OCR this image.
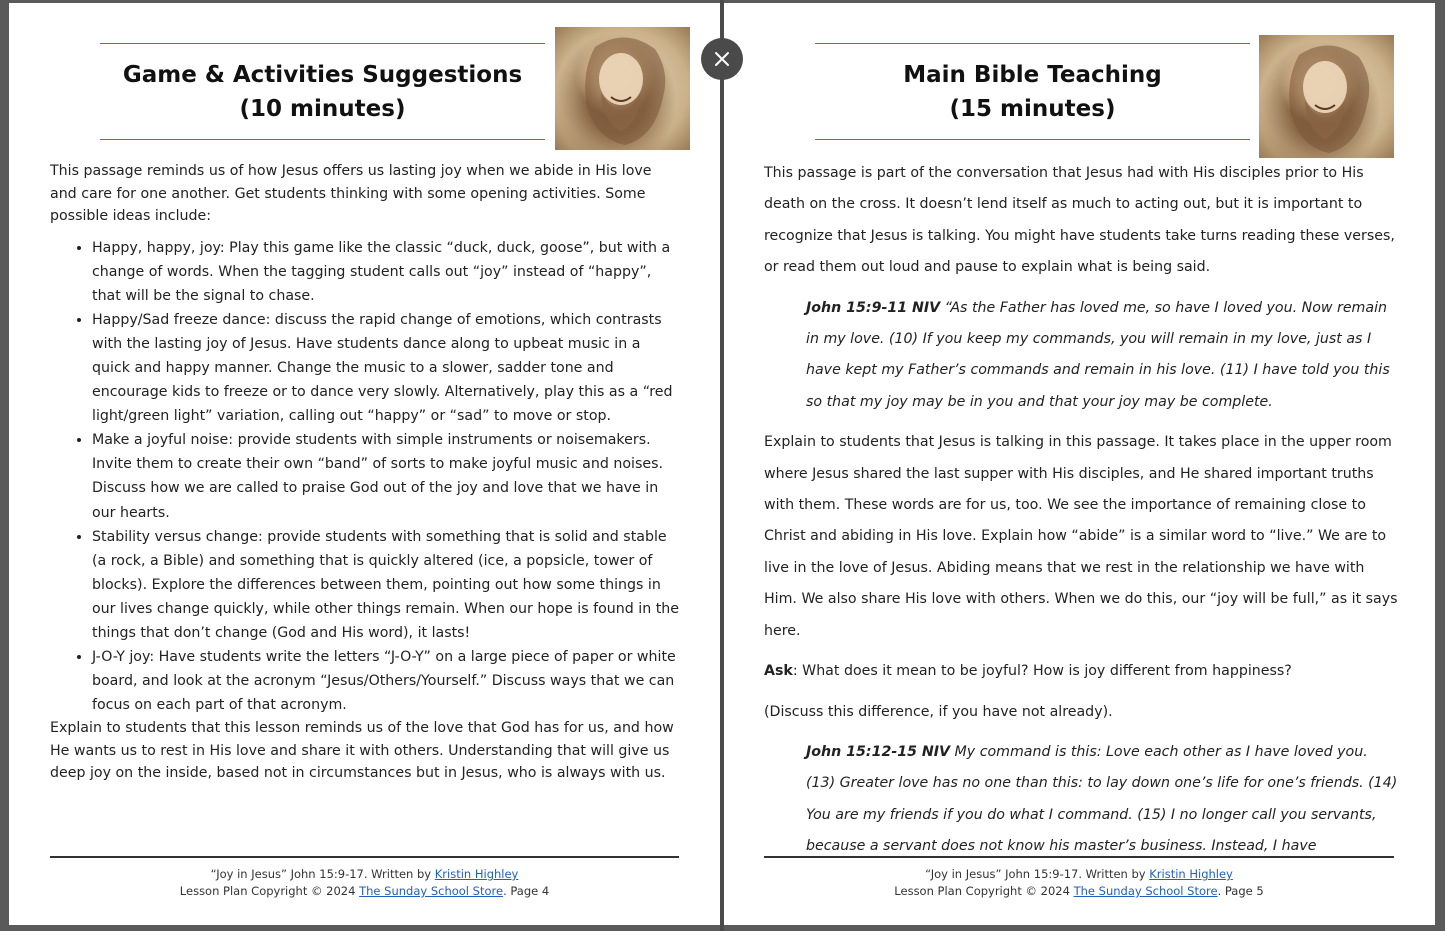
Game & Activities Suggestions
(10 minutes)

This passage reminds us of how Jesus offers us lasting joy when we abide in His love and care for one another. Get students thinking with some opening activities. Some possible ideas include:

• Happy, happy, joy: Play this game like the classic “duck, duck, goose”, but with a change of words. When the tagging student calls out “joy” instead of “happy”, that will be the signal to chase.
• Happy/Sad freeze dance: discuss the rapid change of emotions, which contrasts with the lasting joy of Jesus. Have students dance along to upbeat music in a quick and happy manner. Change the music to a slower, sadder tone and encourage kids to freeze or to dance very slowly. Alternatively, play this as a “red light/green light” variation, calling out “happy” or “sad” to move or stop.
• Make a joyful noise: provide students with simple instruments or noisemakers. Invite them to create their own “band” of sorts to make joyful music and noises. Discuss how we are called to praise God out of the joy and love that we have in our hearts.
• Stability versus change: provide students with something that is solid and stable (a rock, a Bible) and something that is quickly altered (ice, a popsicle, tower of blocks). Explore the differences between them, pointing out how some things in our lives change quickly, while other things remain. When our hope is found in the things that don’t change (God and His word), it lasts!
• J-O-Y joy: Have students write the letters “J-O-Y” on a large piece of paper or white board, and look at the acronym “Jesus/Others/Yourself.” Discuss ways that we can focus on each part of that acronym.

Explain to students that this lesson reminds us of the love that God has for us, and how He wants us to rest in His love and share it with others. Understanding that will give us deep joy on the inside, based not in circumstances but in Jesus, who is always with us.

“Joy in Jesus” John 15:9-17. Written by Kristin Highley
Lesson Plan Copyright © 2024 The Sunday School Store. Page 4
Main Bible Teaching
(15 minutes)

This passage is part of the conversation that Jesus had with His disciples prior to His death on the cross. It doesn’t lend itself as much to acting out, but it is important to recognize that Jesus is talking. You might have students take turns reading these verses, or read them out loud and pause to explain what is being said.

John 15:9-11 NIV “As the Father has loved me, so have I loved you. Now remain in my love. (10) If you keep my commands, you will remain in my love, just as I have kept my Father’s commands and remain in his love. (11) I have told you this so that my joy may be in you and that your joy may be complete.

Explain to students that Jesus is talking in this passage. It takes place in the upper room where Jesus shared the last supper with His disciples, and He shared important truths with them. These words are for us, too. We see the importance of remaining close to Christ and abiding in His love. Explain how “abide” is a similar word to “live.” We are to live in the love of Jesus. Abiding means that we rest in the relationship we have with Him. We also share His love with others. When we do this, our “joy will be full,” as it says here.

Ask: What does it mean to be joyful? How is joy different from happiness?

(Discuss this difference, if you have not already).

John 15:12-15 NIV My command is this: Love each other as I have loved you. (13) Greater love has no one than this: to lay down one’s life for one’s friends. (14) You are my friends if you do what I command. (15) I no longer call you servants, because a servant does not know his master’s business. Instead, I have

“Joy in Jesus” John 15:9-17. Written by Kristin Highley
Lesson Plan Copyright © 2024 The Sunday School Store. Page 5
